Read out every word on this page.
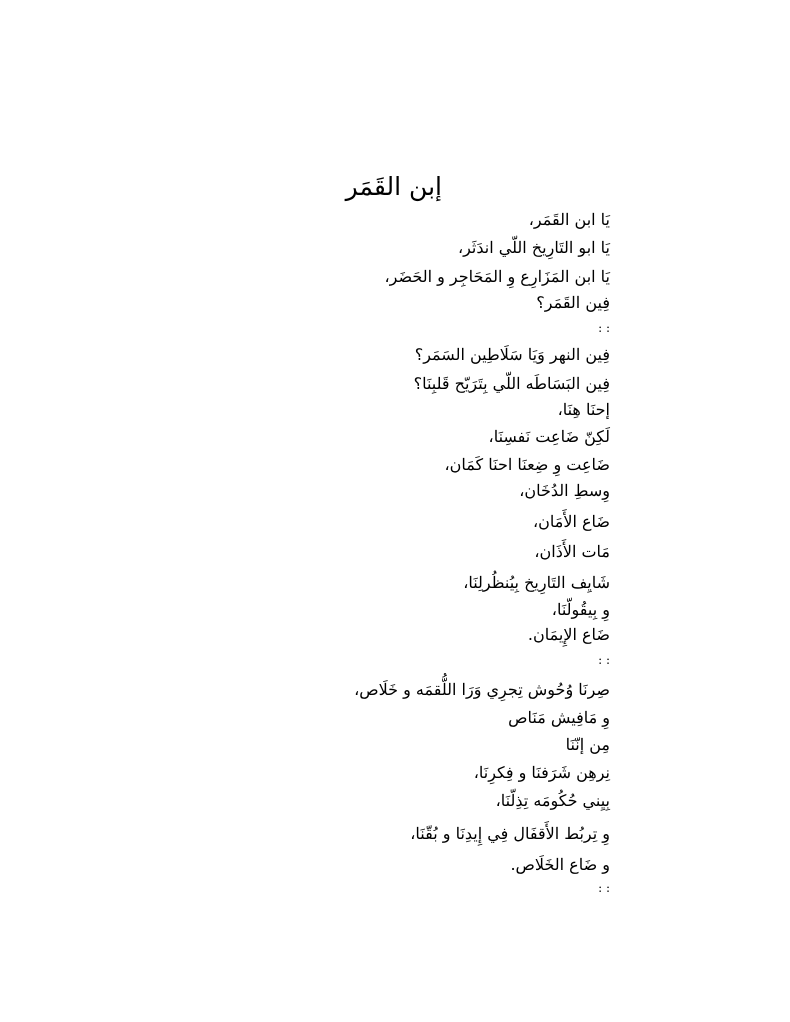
إبن القَمَر
يَا ابن القَمَر،
يَا ابو التَارِيخ اللّي اندَثَر،
يَا ابن المَزَارِع وِ المَحَاجِر و الحَضَر،
فِين القَمَر؟
: :
فِين النهر وَيَا سَلَاطِين السَمَر؟
فِين البَسَاطَه اللّي بِتَرَيّح قَلبِنَا؟
إحنَا هِنَا،
لَكِنّ ضَاعِت نَفسِنَا،
ضَاعِت وِ ضِعنَا احنَا كَمَان،
وِسطِ الدُخَان،
ضَاع الأَمَان،
مَات الأَذَان،
شَايِف التَارِيخ بِيُنظُرلِنَا،
وِ بِيقُولّنَا،
ضَاع الإِيمَان.
: :
صِرنَا وُحُوش تِجرِي وَرَا اللُّقمَه و خَلَاص،
وِ مَافِيش مَنَاص
مِن إنّنَا
نِرهِن شَرَفنَا و فِكرِنَا،
بِيِني حُكُومَه تِذِلّنَا،
وِ تِربُط الأَقفَال فِي إِيدِنَا و بُقّنَا،
و ضَاع الخَلَاص.
: :
